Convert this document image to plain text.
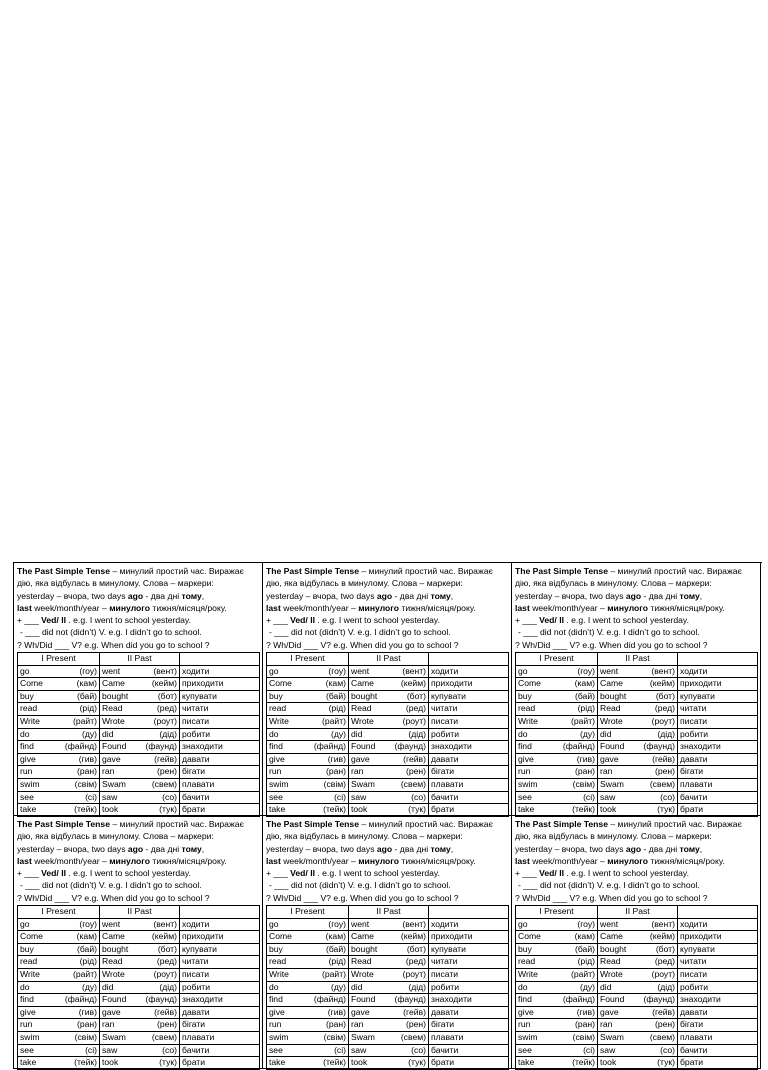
The Past Simple Tense – минулий простий час. Виражає

дію, яка відбулась в минулому. Слова – маркери:

yesterday – вчора, two days ago - два дні тому,

last week/month/year – минулого тижня/місяця/року.

+ ___ Ved/ II . e.g. I went to school yesterday.

- ___ did not (didn’t) V. e.g. I didn’t go to school.

? Wh/Did ___ V? e.g. When did you go to school ?

I Present	II Past	

go (гоу)	went (вент)	ходити

Come (кам)	Came (кейм)	приходити

buy (бай)	bought (бот)	купувати

read (рід)	Read (ред)	читати

Write (райт)	Wrote (роут)	писати

do (ду)	did (дід)	робити

find (файнд)	Found (фаунд)	знаходити

give (гив)	gave (гейв)	давати

run (ран)	ran (рен)	бігати

swim (свім)	Swam (свем)	плавати

see (сі)	saw (со)	бачити

take (тейк)	took (тук)	брати

The Past Simple Tense – минулий простий час. Виражає

дію, яка відбулась в минулому. Слова – маркери:

yesterday – вчора, two days ago - два дні тому,

last week/month/year – минулого тижня/місяця/року.

+ ___ Ved/ II . e.g. I went to school yesterday.

- ___ did not (didn’t) V. e.g. I didn’t go to school.

? Wh/Did ___ V? e.g. When did you go to school ?

I Present	II Past	

go (гоу)	went (вент)	ходити

Come (кам)	Came (кейм)	приходити

buy (бай)	bought (бот)	купувати

read (рід)	Read (ред)	читати

Write (райт)	Wrote (роут)	писати

do (ду)	did (дід)	робити

find (файнд)	Found (фаунд)	знаходити

give (гив)	gave (гейв)	давати

run (ран)	ran (рен)	бігати

swim (свім)	Swam (свем)	плавати

see (сі)	saw (со)	бачити

take (тейк)	took (тук)	брати

The Past Simple Tense – минулий простий час. Виражає

дію, яка відбулась в минулому. Слова – маркери:

yesterday – вчора, two days ago - два дні тому,

last week/month/year – минулого тижня/місяця/року.

+ ___ Ved/ II . e.g. I went to school yesterday.

- ___ did not (didn’t) V. e.g. I didn’t go to school.

? Wh/Did ___ V? e.g. When did you go to school ?

I Present	II Past	

go (гоу)	went (вент)	ходити

Come (кам)	Came (кейм)	приходити

buy (бай)	bought (бот)	купувати

read (рід)	Read (ред)	читати

Write (райт)	Wrote (роут)	писати

do (ду)	did (дід)	робити

find (файнд)	Found (фаунд)	знаходити

give (гив)	gave (гейв)	давати

run (ран)	ran (рен)	бігати

swim (свім)	Swam (свем)	плавати

see (сі)	saw (со)	бачити

take (тейк)	took (тук)	брати

The Past Simple Tense – минулий простий час. Виражає

дію, яка відбулась в минулому. Слова – маркери:

yesterday – вчора, two days ago - два дні тому,

last week/month/year – минулого тижня/місяця/року.

+ ___ Ved/ II . e.g. I went to school yesterday.

- ___ did not (didn’t) V. e.g. I didn’t go to school.

? Wh/Did ___ V? e.g. When did you go to school ?

I Present	II Past	

go (гоу)	went (вент)	ходити

Come (кам)	Came (кейм)	приходити

buy (бай)	bought (бот)	купувати

read (рід)	Read (ред)	читати

Write (райт)	Wrote (роут)	писати

do (ду)	did (дід)	робити

find (файнд)	Found (фаунд)	знаходити

give (гив)	gave (гейв)	давати

run (ран)	ran (рен)	бігати

swim (свім)	Swam (свем)	плавати

see (сі)	saw (со)	бачити

take (тейк)	took (тук)	брати

The Past Simple Tense – минулий простий час. Виражає

дію, яка відбулась в минулому. Слова – маркери:

yesterday – вчора, two days ago - два дні тому,

last week/month/year – минулого тижня/місяця/року.

+ ___ Ved/ II . e.g. I went to school yesterday.

- ___ did not (didn’t) V. e.g. I didn’t go to school.

? Wh/Did ___ V? e.g. When did you go to school ?

I Present	II Past	

go (гоу)	went (вент)	ходити

Come (кам)	Came (кейм)	приходити

buy (бай)	bought (бот)	купувати

read (рід)	Read (ред)	читати

Write (райт)	Wrote (роут)	писати

do (ду)	did (дід)	робити

find (файнд)	Found (фаунд)	знаходити

give (гив)	gave (гейв)	давати

run (ран)	ran (рен)	бігати

swim (свім)	Swam (свем)	плавати

see (сі)	saw (со)	бачити

take (тейк)	took (тук)	брати

The Past Simple Tense – минулий простий час. Виражає

дію, яка відбулась в минулому. Слова – маркери:

yesterday – вчора, two days ago - два дні тому,

last week/month/year – минулого тижня/місяця/року.

+ ___ Ved/ II . e.g. I went to school yesterday.

- ___ did not (didn’t) V. e.g. I didn’t go to school.

? Wh/Did ___ V? e.g. When did you go to school ?

I Present	II Past	

go (гоу)	went (вент)	ходити

Come (кам)	Came (кейм)	приходити

buy (бай)	bought (бот)	купувати

read (рід)	Read (ред)	читати

Write (райт)	Wrote (роут)	писати

do (ду)	did (дід)	робити

find (файнд)	Found (фаунд)	знаходити

give (гив)	gave (гейв)	давати

run (ран)	ran (рен)	бігати

swim (свім)	Swam (свем)	плавати

see (сі)	saw (со)	бачити

take (тейк)	took (тук)	брати
